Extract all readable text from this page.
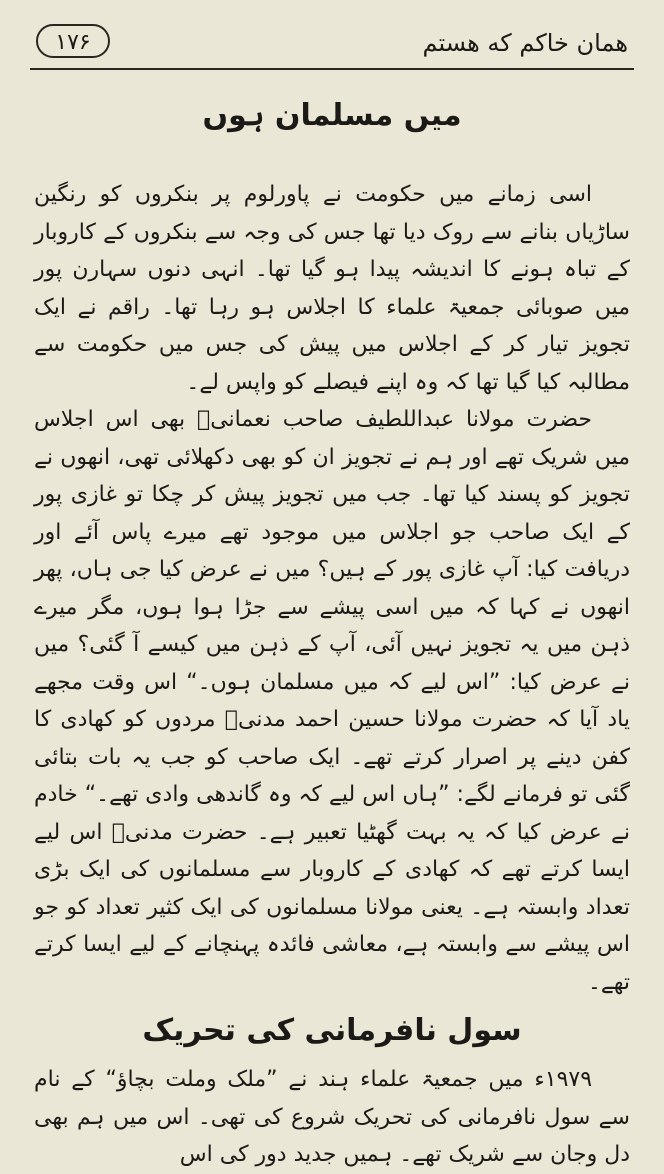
همان خاکم که هستم
۱۷۶
میں مسلمان ہوں

اسی زمانے میں حکومت نے پاورلوم پر بنکروں کو رنگین ساڑیاں بنانے سے روک دیا تھا جس کی وجہ سے بنکروں کے کاروبار کے تباہ ہونے کا اندیشہ پیدا ہو گیا تھا۔ انہی دنوں سہارن پور میں صوبائی جمعیۃ علماء کا اجلاس ہو رہا تھا۔ راقم نے ایک تجویز تیار کر کے اجلاس میں پیش کی جس میں حکومت سے مطالبہ کیا گیا تھا کہ وہ اپنے فیصلے کو واپس لے۔

حضرت مولانا عبداللطیف صاحب نعمانیؒ بھی اس اجلاس میں شریک تھے اور ہم نے تجویز ان کو بھی دکھلائی تھی، انھوں نے تجویز کو پسند کیا تھا۔ جب میں تجویز پیش کر چکا تو غازی پور کے ایک صاحب جو اجلاس میں موجود تھے میرے پاس آئے اور دریافت کیا: آپ غازی پور کے ہیں؟ میں نے عرض کیا جی ہاں، پھر انھوں نے کہا کہ میں اسی پیشے سے جڑا ہوا ہوں، مگر میرے ذہن میں یہ تجویز نہیں آئی، آپ کے ذہن میں کیسے آ گئی؟ میں نے عرض کیا: ”اس لیے کہ میں مسلمان ہوں۔“ اس وقت مجھے یاد آیا کہ حضرت مولانا حسین احمد مدنیؒ مردوں کو کھادی کا کفن دینے پر اصرار کرتے تھے۔ ایک صاحب کو جب یہ بات بتائی گئی تو فرمانے لگے: ”ہاں اس لیے کہ وہ گاندھی وادی تھے۔“ خادم نے عرض کیا کہ یہ بہت گھٹیا تعبیر ہے۔ حضرت مدنیؒ اس لیے ایسا کرتے تھے کہ کھادی کے کاروبار سے مسلمانوں کی ایک بڑی تعداد وابستہ ہے۔ یعنی مولانا مسلمانوں کی ایک کثیر تعداد کو جو اس پیشے سے وابستہ ہے، معاشی فائدہ پہنچانے کے لیے ایسا کرتے تھے۔

سول نافرمانی کی تحریک

۱۹۷۹ء میں جمعیۃ علماء ہند نے ”ملک وملت بچاؤ“ کے نام سے سول نافرمانی کی تحریک شروع کی تھی۔ اس میں ہم بھی دل وجان سے شریک تھے۔ ہمیں جدید دور کی اس
